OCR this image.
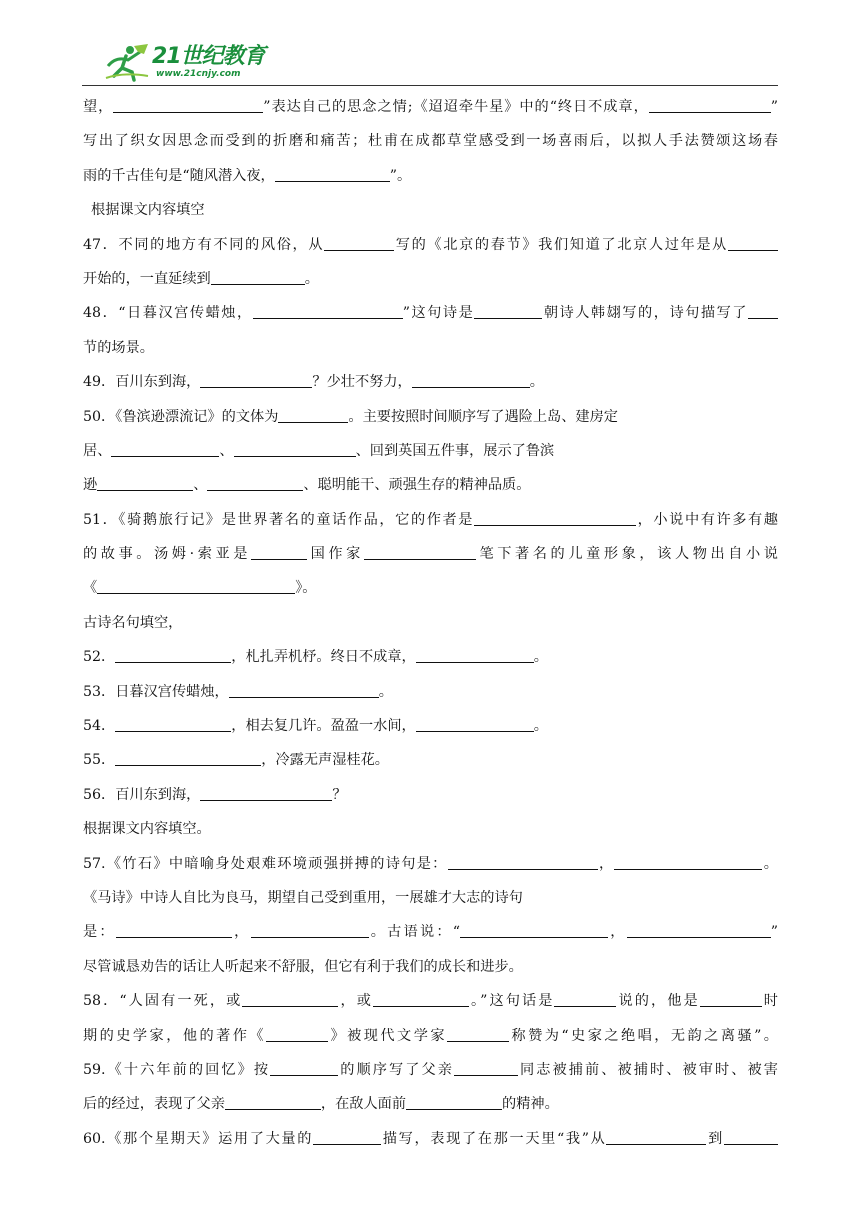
21世纪教育
www.21cnjy.com
望，	”表达自己的思念之情;《迢迢牵牛星》中的“终日不成章，	”
写出了织女因思念而受到的折磨和痛苦；杜甫在成都草堂感受到一场喜雨后，以拟人手法赞颂这场春
雨的千古佳句是“随风潜入夜，	”。
根据课文内容填空
47．不同的地方有不同的风俗，从	写的《北京的春节》我们知道了北京人过年是从
开始的，一直延续到	。
48．“日暮汉宫传蜡烛，	”这句诗是	朝诗人韩翃写的，诗句描写了
节的场景。
49．百川东到海，	？少壮不努力，	。
50．《鲁滨逊漂流记》的文体为	。主要按照时间顺序写了遇险上岛、建房定
居、	、	、回到英国五件事，展示了鲁滨
逊	、	、聪明能干、顽强生存的精神品质。
51．《骑鹅旅行记》是世界著名的童话作品，它的作者是	，小说中有许多有趣
的故事。汤姆·索亚是	国作家	笔下著名的儿童形象，该人物出自小说
《	》。
古诗名句填空，
52．	，札扎弄机杼。终日不成章，	。
53．日暮汉宫传蜡烛，	。
54．	，相去复几许。盈盈一水间，	。
55．	，冷露无声湿桂花。
56．百川东到海，	？
根据课文内容填空。
57.《竹石》中暗喻身处艰难环境顽强拼搏的诗句是：	，	。
《马诗》中诗人自比为良马，期望自己受到重用，一展雄才大志的诗句
是：	，	。古语说：“	，	”
尽管诚恳劝告的话让人听起来不舒服，但它有利于我们的成长和进步。
58．“人固有一死，或	，或	。”这句话是	说的，他是	时
期的史学家，他的著作《	》被现代文学家	称赞为“史家之绝唱，无韵之离骚”。
59.《十六年前的回忆》按	的顺序写了父亲	同志被捕前、被捕时、被审时、被害
后的经过，表现了父亲	，在敌人面前	的精神。
60.《那个星期天》运用了大量的	描写，表现了在那一天里“我”从	到
